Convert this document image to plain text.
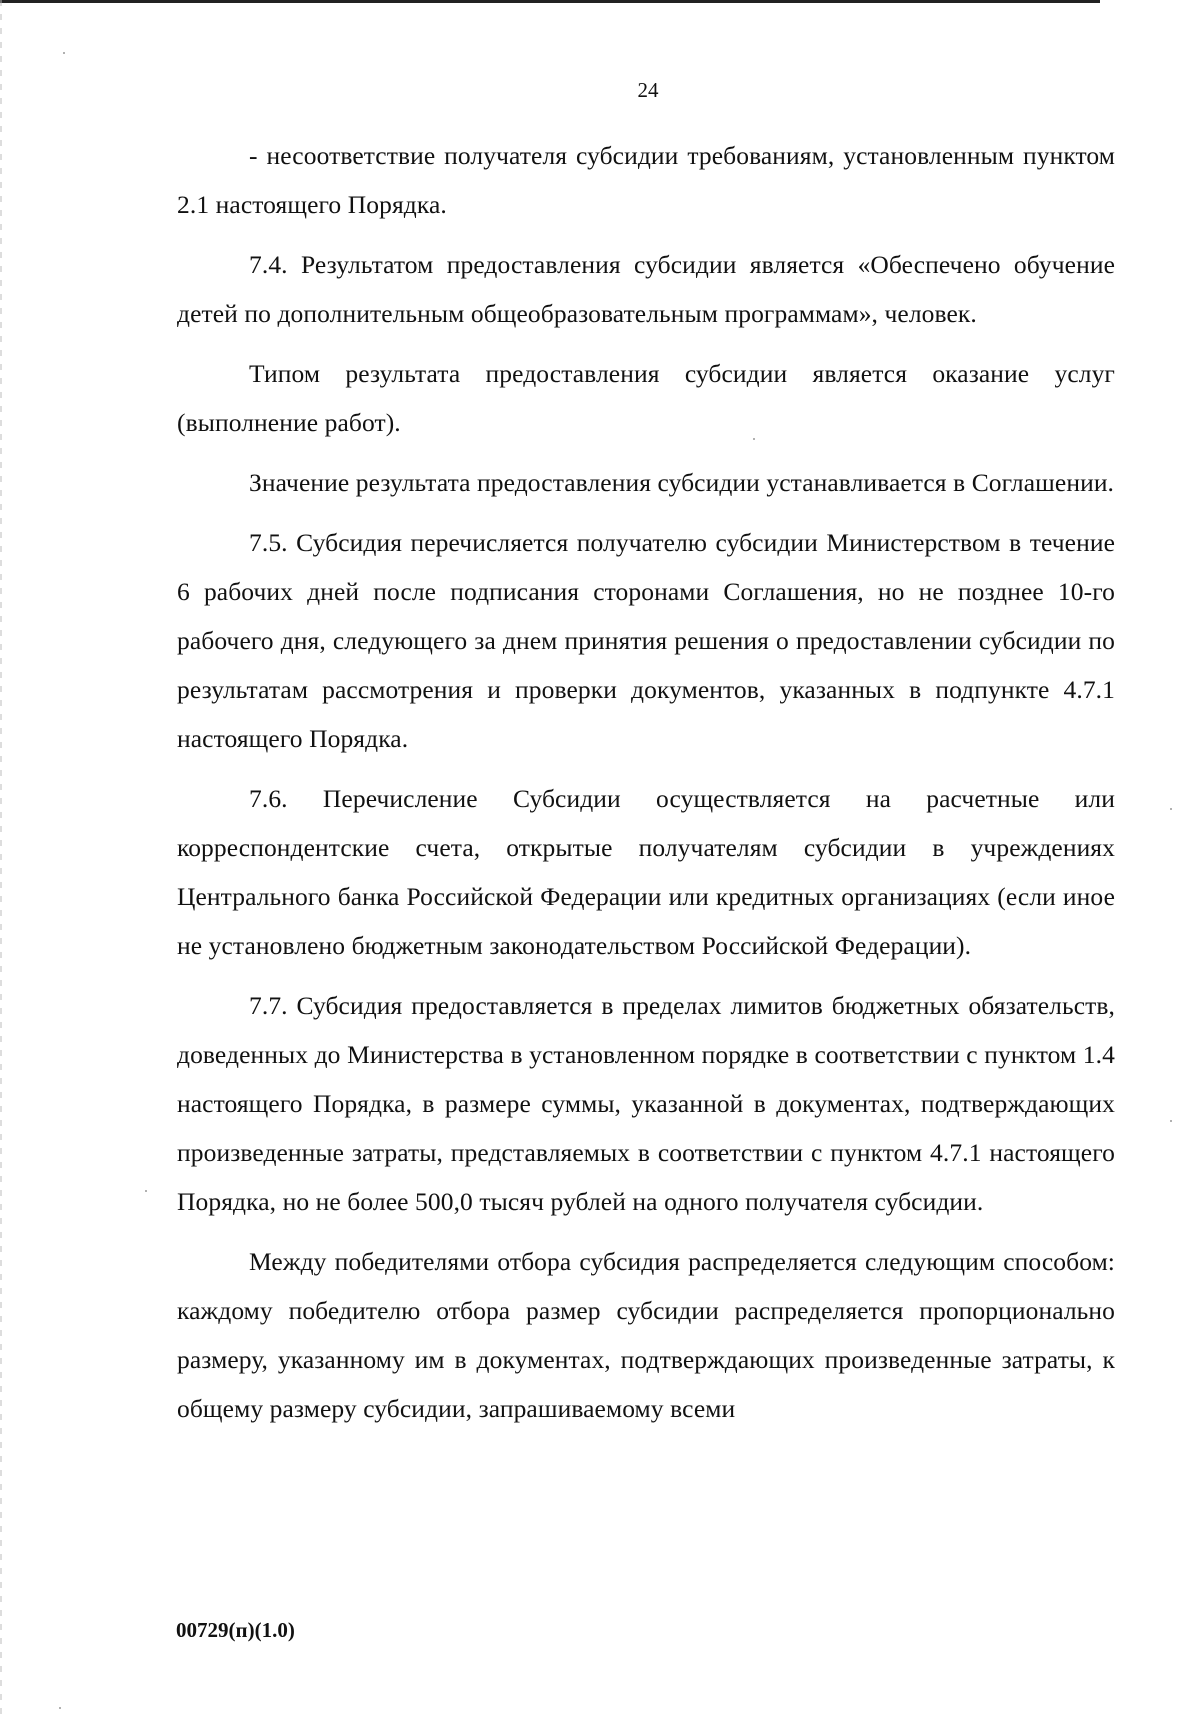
24

- несоответствие получателя субсидии требованиям, установленным пунктом 2.1 настоящего Порядка.

7.4. Результатом предоставления субсидии является «Обеспечено обучение детей по дополнительным общеобразовательным программам», человек.

Типом результата предоставления субсидии является оказание услуг (выполнение работ).

Значение результата предоставления субсидии устанавливается в Соглашении.

7.5. Субсидия перечисляется получателю субсидии Министерством в течение 6 рабочих дней после подписания сторонами Соглашения, но не позднее 10-го рабочего дня, следующего за днем принятия решения о предоставлении субсидии по результатам рассмотрения и проверки документов, указанных в подпункте 4.7.1 настоящего Порядка.

7.6. Перечисление Субсидии осуществляется на расчетные или корреспондентские счета, открытые получателям субсидии в учреждениях Центрального банка Российской Федерации или кредитных организациях (если иное не установлено бюджетным законодательством Российской Федерации).

7.7. Субсидия предоставляется в пределах лимитов бюджетных обязательств, доведенных до Министерства в установленном порядке в соответствии с пунктом 1.4 настоящего Порядка, в размере суммы, указанной в документах, подтверждающих произведенные затраты, представляемых в соответствии с пунктом 4.7.1 настоящего Порядка, но не более 500,0 тысяч рублей на одного получателя субсидии.

Между победителями отбора субсидия распределяется следующим способом: каждому победителю отбора размер субсидии распределяется пропорционально размеру, указанному им в документах, подтверждающих произведенные затраты, к общему размеру субсидии, запрашиваемому всеми

00729(п)(1.0)
